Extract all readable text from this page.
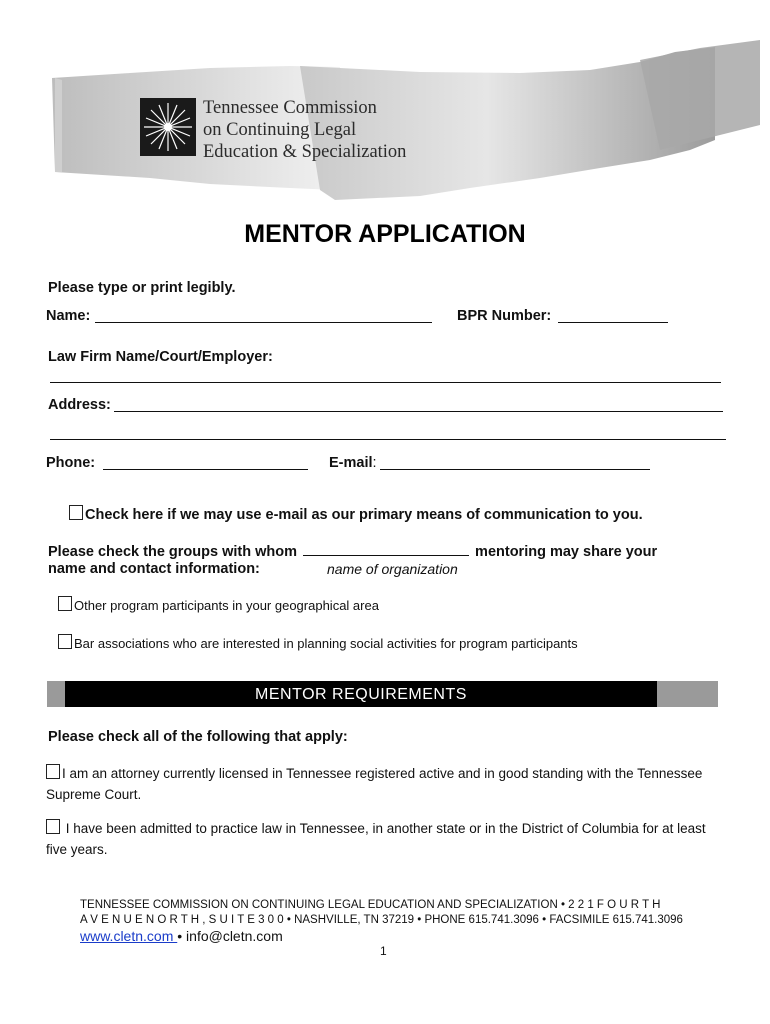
Tennessee Commission
on Continuing Legal
Education & Specialization
MENTOR APPLICATION
Please type or print legibly.
Name:	BPR Number:
Law Firm Name/Court/Employer:
Address:
Phone:	E-mail:
Check here if we may use e-mail as our primary means of communication to you.
Please check the groups with whom	mentoring may share your
name and contact information:	name of organization
Other program participants in your geographical area
Bar associations who are interested in planning social activities for program participants
MENTOR REQUIREMENTS
Please check all of the following that apply:
I am an attorney currently licensed in Tennessee registered active and in good standing with the Tennessee
Supreme Court.
I have been admitted to practice law in Tennessee, in another state or in the District of Columbia for at least
five years.
TENNESSEE COMMISSION ON CONTINUING LEGAL EDUCATION AND SPECIALIZATION • 2 2 1 F O U R T H
A V E N U E N O R T H , S U I T E 3 0 0 • NASHVILLE, TN 37219 • PHONE 615.741.3096 • FACSIMILE 615.741.3096
www.cletn.com • info@cletn.com
1
